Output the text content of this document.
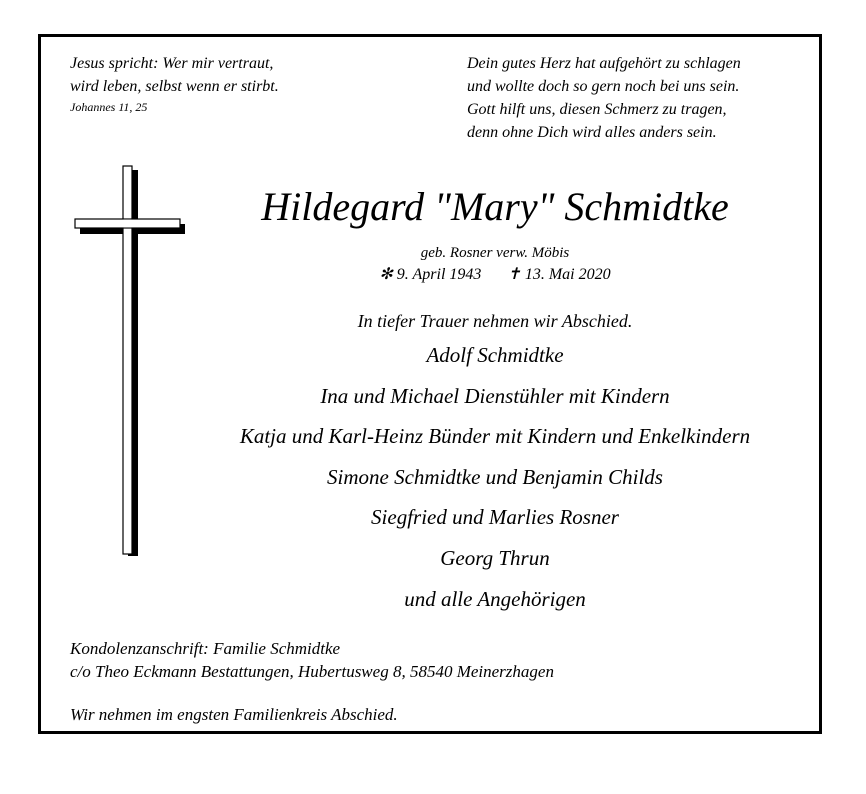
Jesus spricht: Wer mir vertraut,
wird leben, selbst wenn er stirbt.
Johannes 11, 25
Dein gutes Herz hat aufgehört zu schlagen
und wollte doch so gern noch bei uns sein.
Gott hilft uns, diesen Schmerz zu tragen,
denn ohne Dich wird alles anders sein.
Hildegard "Mary" Schmidtke
geb. Rosner verw. Möbis
✻ 9. April 1943 ✝ 13. Mai 2020
In tiefer Trauer nehmen wir Abschied.
Adolf Schmidtke
Ina und Michael Dienstühler mit Kindern
Katja und Karl-Heinz Bünder mit Kindern und Enkelkindern
Simone Schmidtke und Benjamin Childs
Siegfried und Marlies Rosner
Georg Thrun
und alle Angehörigen
Kondolenzanschrift: Familie Schmidtke
c/o Theo Eckmann Bestattungen, Hubertusweg 8, 58540 Meinerzhagen
Wir nehmen im engsten Familienkreis Abschied.
